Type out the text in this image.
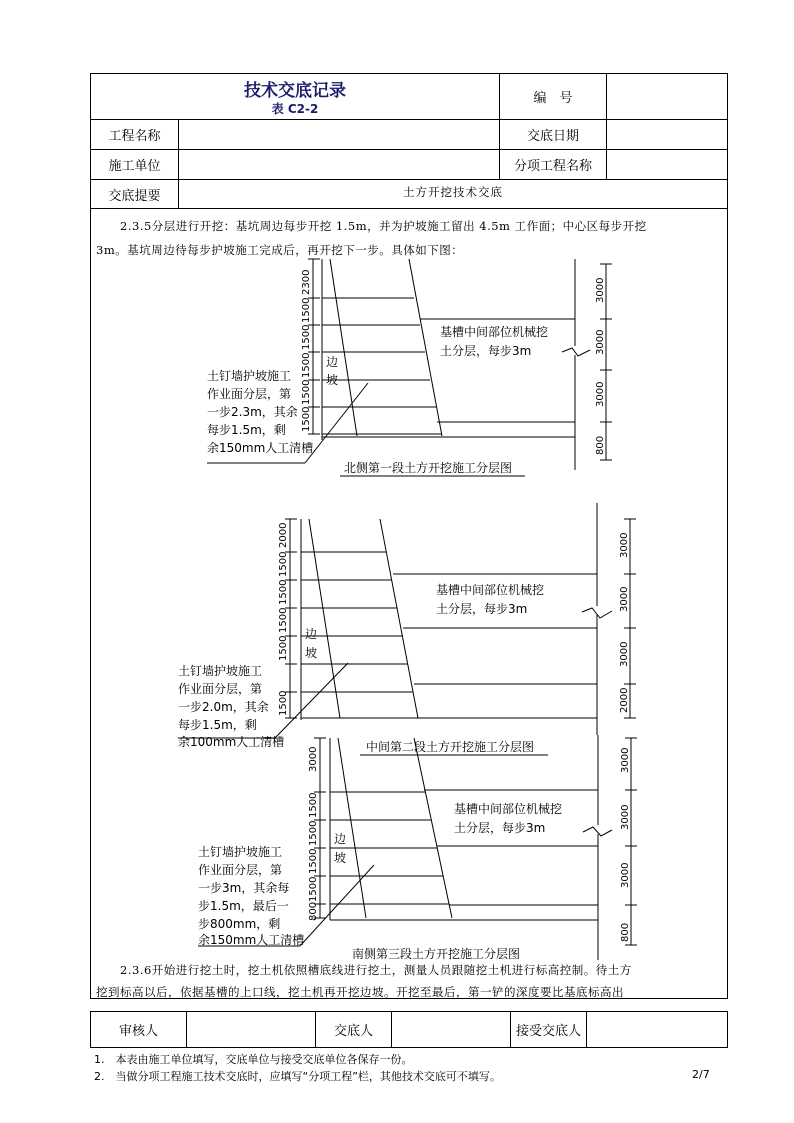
技术交底记录
表 C2-2
编　号
工程名称	交底日期
施工单位	分项工程名称
交底提要	土方开挖技术交底
2.3.5分层进行开挖：基坑周边每步开挖 1.5m，并为护坡施工留出 4.5m 工作面；中心区每步开挖
3m。基坑周边待每步护坡施工完成后，再开挖下一步。具体如下图：
2300
1500
1500
1500
1500
1500
3000
3000
3000
800
边
坡
基槽中间部位机械挖
土分层，每步3m
土钉墙护坡施工
作业面分层，第
一步2.3m，其余
每步1.5m，剩
余150mm人工清槽
北侧第一段土方开挖施工分层图
2000
1500
1500
1500
1500
1500
3000
3000
3000
2000
边
坡
基槽中间部位机械挖
土分层，每步3m
土钉墙护坡施工
作业面分层，第
一步2.0m，其余
每步1.5m，剩
余100mm人工清槽	中间第二段土方开挖施工分层图
3000
1500
1500
1500
1500
800
3000
3000
3000
800
边
坡
基槽中间部位机械挖
土分层，每步3m
土钉墙护坡施工
作业面分层，第
一步3m，其余每
步1.5m，最后一
步800mm，剩
余150mm人工清槽
南侧第三段土方开挖施工分层图
2.3.6开始进行挖土时，挖土机依照槽底线进行挖土，测量人员跟随挖土机进行标高控制。待土方
挖到标高以后，依据基槽的上口线，挖土机再开挖边坡。开挖至最后，第一铲的深度要比基底标高出
审核人	交底人	接受交底人
1.　本表由施工单位填写，交底单位与接受交底单位各保存一份。
2.　当做分项工程施工技术交底时，应填写“分项工程”栏，其他技术交底可不填写。	2/7
